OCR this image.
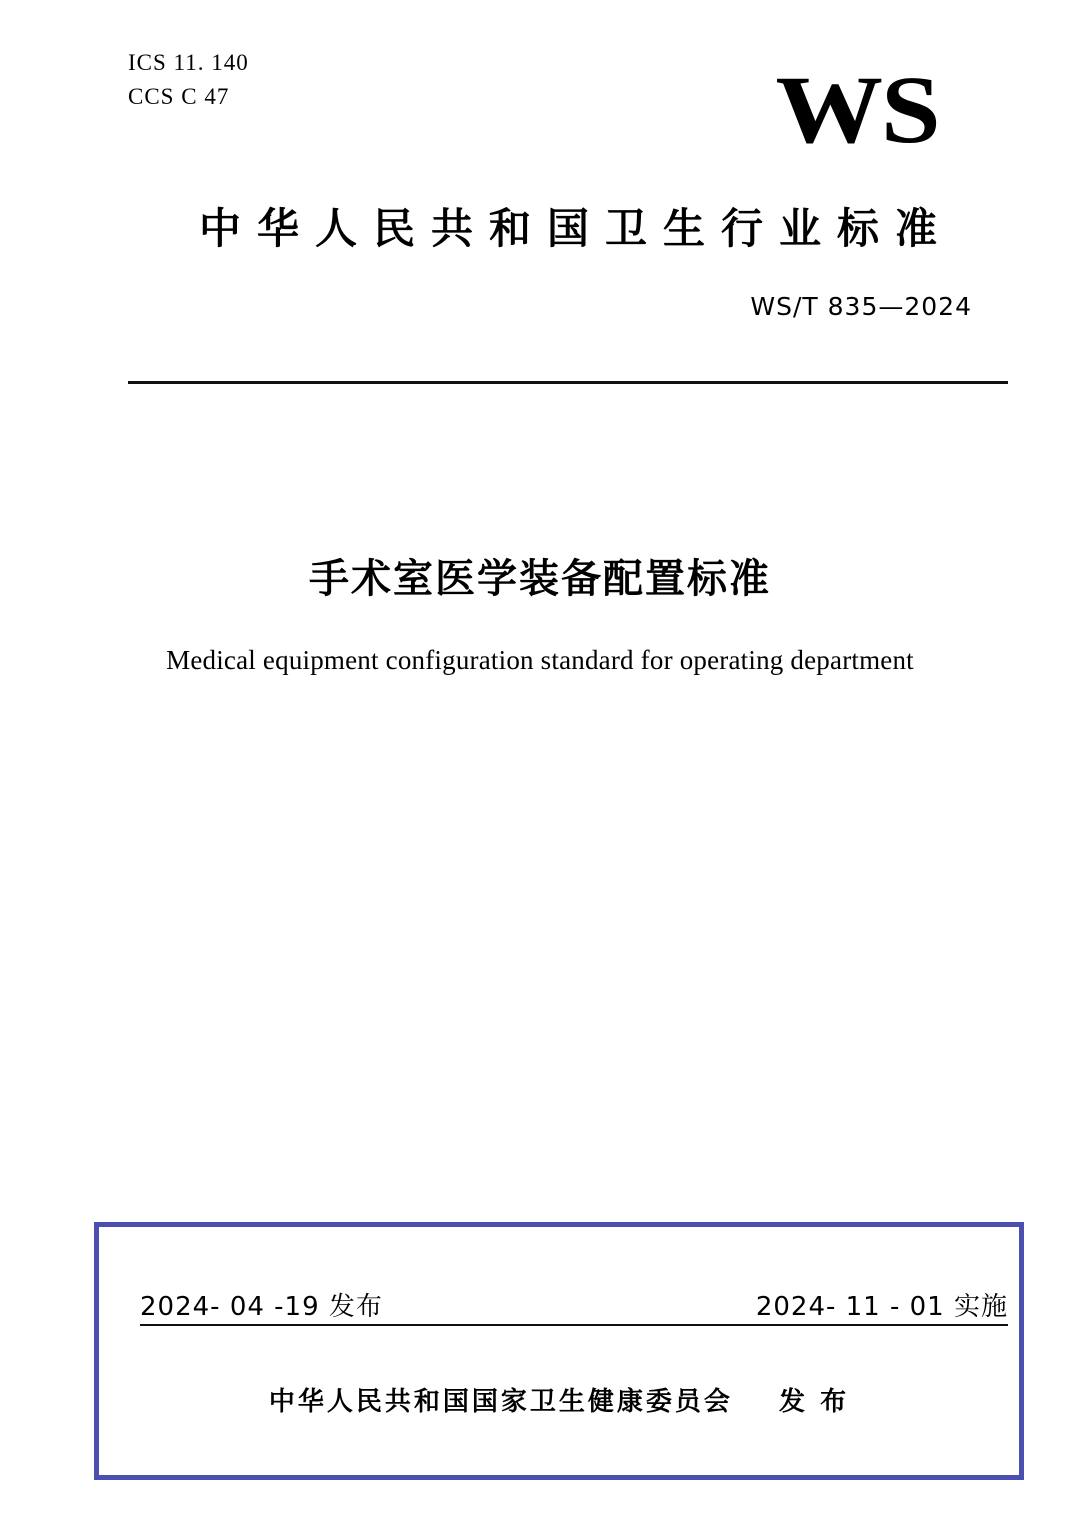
ICS 11. 140
CCS C 47	WS
中华人民共和国卫生行业标准
WS/T 835—2024
手术室医学装备配置标准
Medical equipment configuration standard for operating department
2024- 04 -19 发布	2024- 11 - 01 实施
中华人民共和国国家卫生健康委员会 发 布
